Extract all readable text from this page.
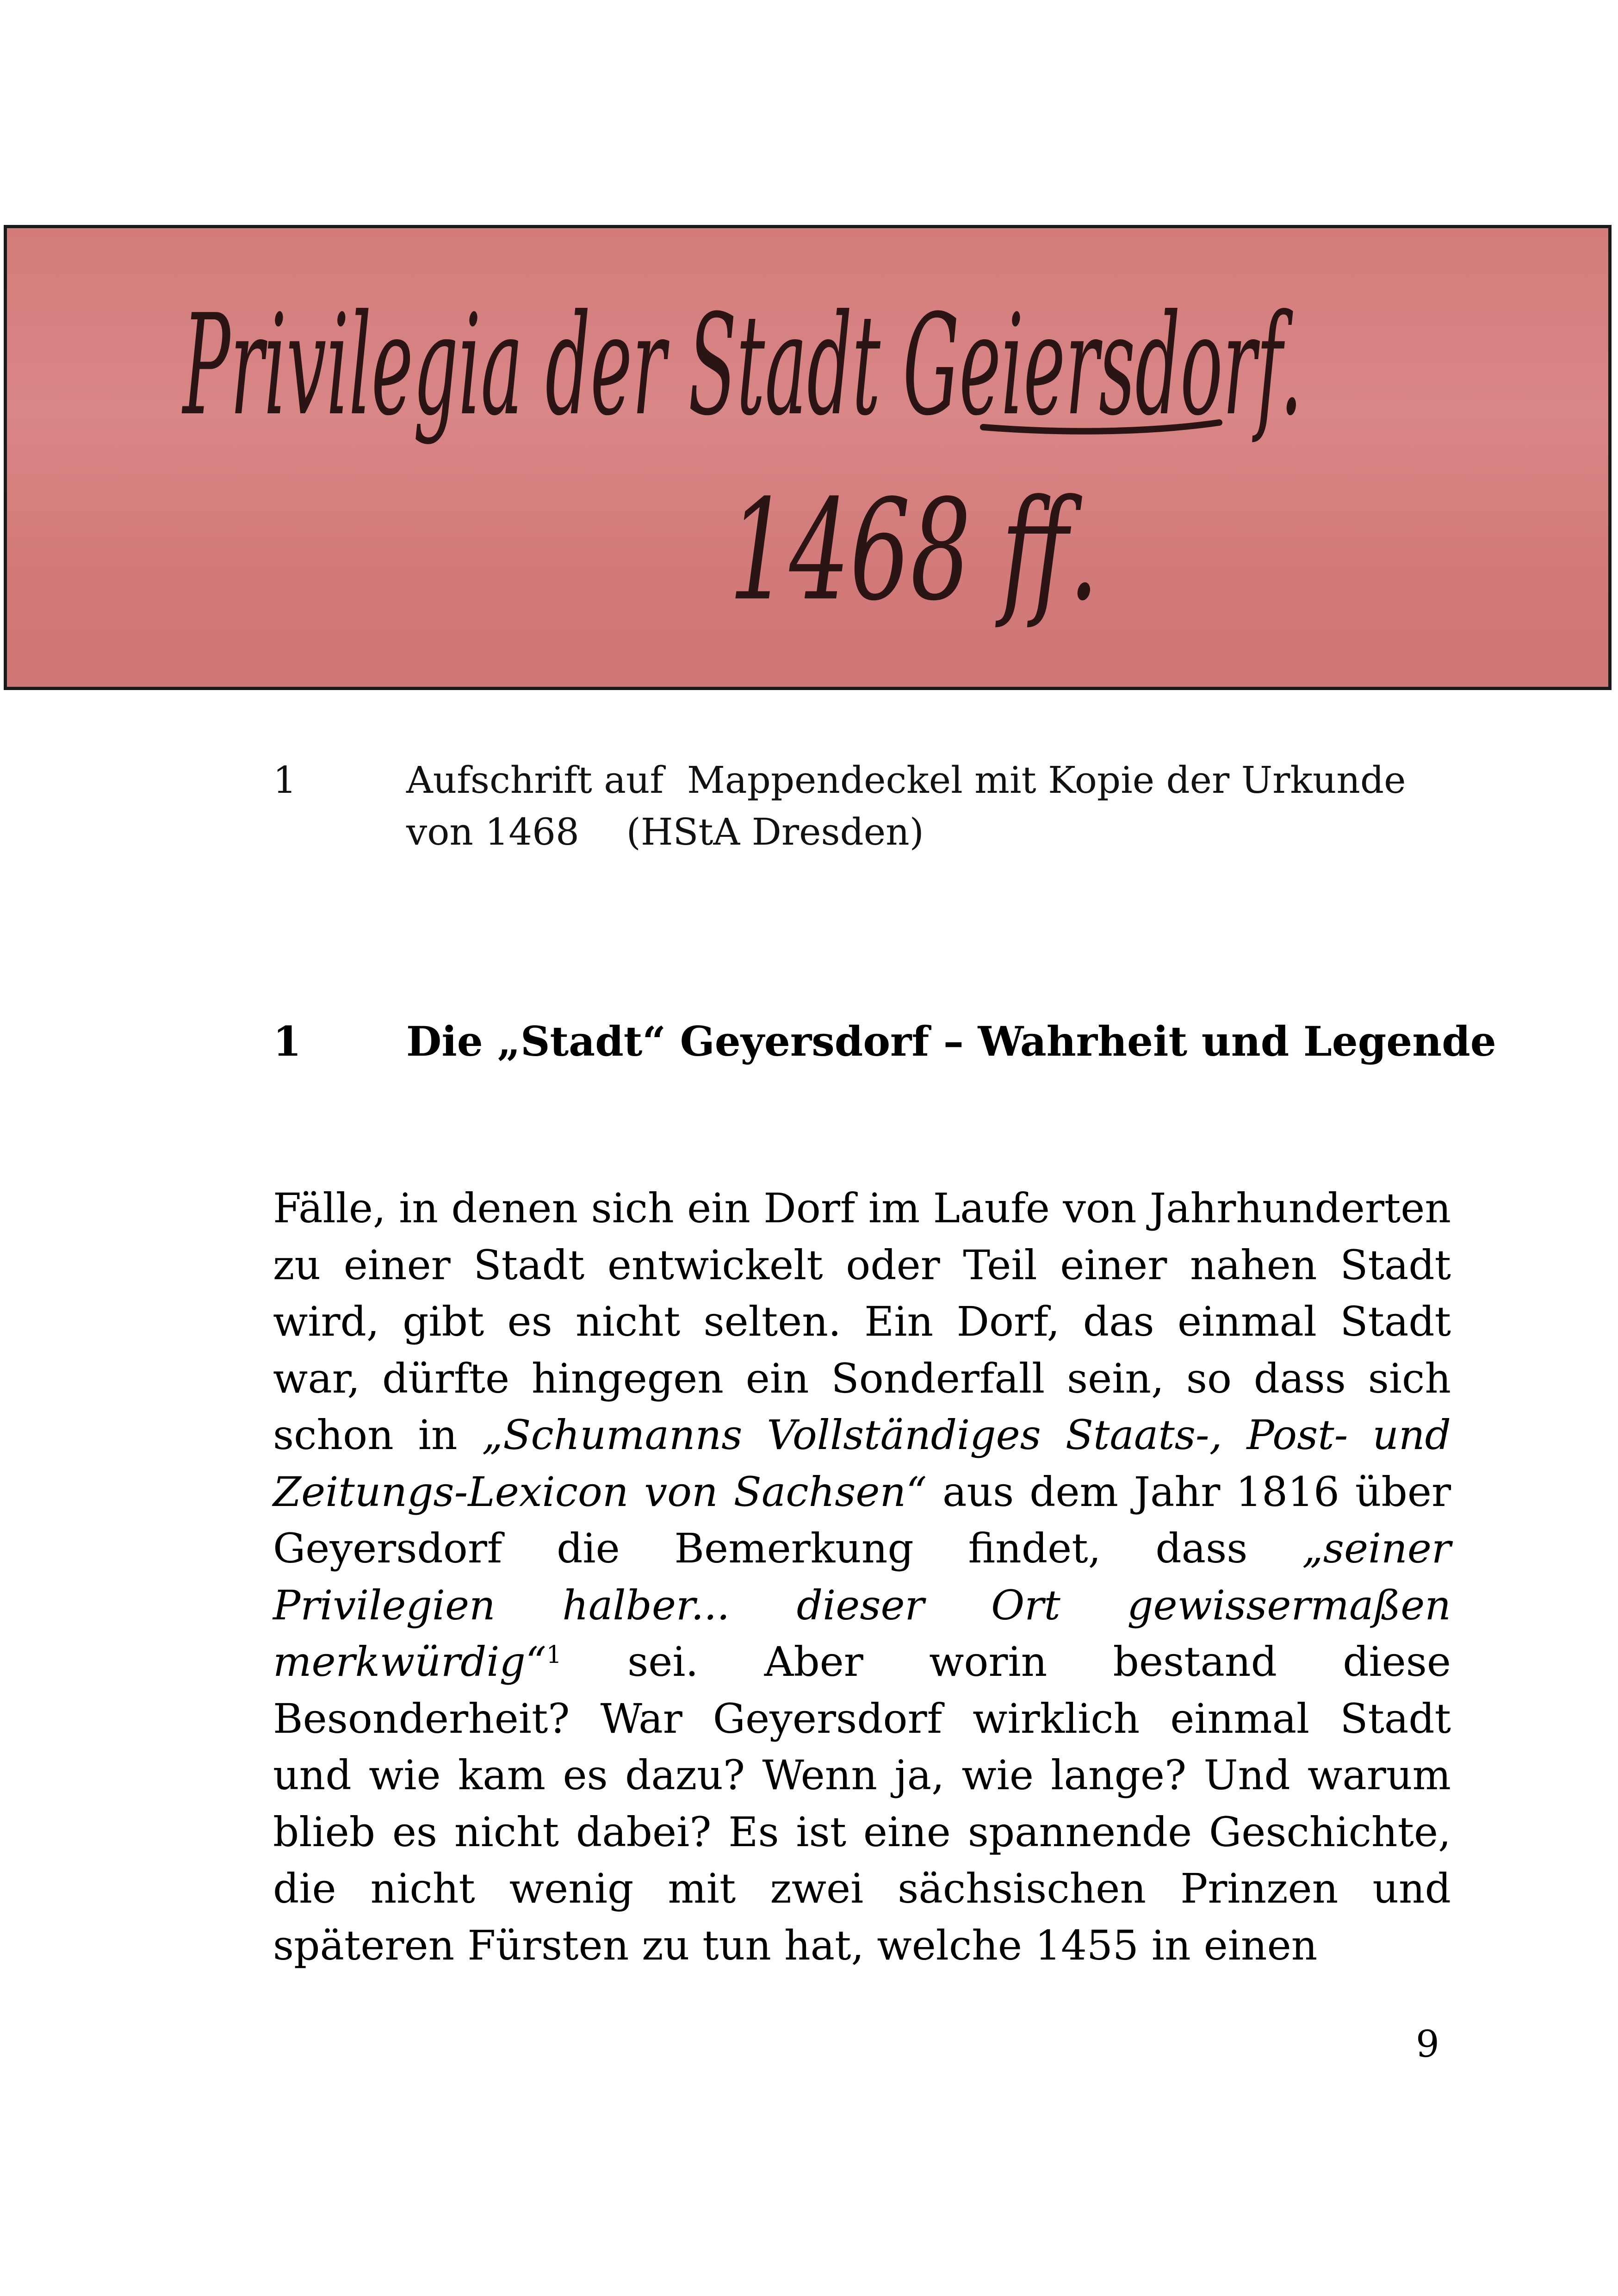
Privilegia der Stadt Geiersdorf.
1468 ff.
1	Aufschrift auf  Mappendeckel mit Kopie der Urkunde
von 1468    (HStA Dresden)
1	Die „Stadt“ Geyersdorf – Wahrheit und Legende

Fälle, in denen sich ein Dorf im Laufe von Jahrhunderten zu einer Stadt entwickelt oder Teil einer nahen Stadt wird, gibt es nicht selten. Ein Dorf, das einmal Stadt war, dürfte hingegen ein Sonderfall sein, so dass sich schon in „Schumanns Vollständiges Staats-, Post- und Zeitungs-Lexicon von Sachsen“ aus dem Jahr 1816 über Geyersdorf die Bemerkung findet, dass „seiner Privilegien halber... dieser Ort gewissermaßen merkwürdig“$^1$ sei. Aber worin bestand diese Besonderheit? War Geyersdorf wirklich einmal Stadt und wie kam es dazu? Wenn ja, wie lange? Und warum blieb es nicht dabei? Es ist eine spannende Geschichte, die nicht wenig mit zwei sächsischen Prinzen und späteren Fürsten zu tun hat, welche 1455 in einen

9
